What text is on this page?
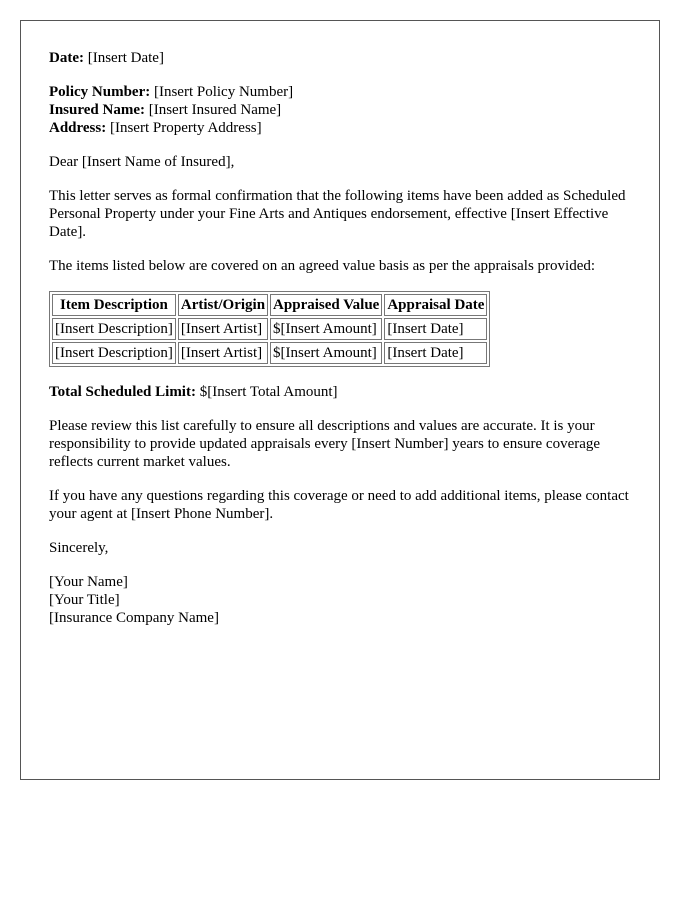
Date: [Insert Date]

Policy Number: [Insert Policy Number]

Insured Name: [Insert Insured Name]

Address: [Insert Property Address]

Dear [Insert Name of Insured],

This letter serves as formal confirmation that the following items have been added as Scheduled Personal Property under your Fine Arts and Antiques endorsement, effective [Insert Effective Date].

The items listed below are covered on an agreed value basis as per the appraisals provided:

Item Description	Artist/Origin	Appraised Value	Appraisal Date
[Insert Description]	[Insert Artist]	$[Insert Amount]	[Insert Date]
[Insert Description]	[Insert Artist]	$[Insert Amount]	[Insert Date]

Total Scheduled Limit: $[Insert Total Amount]

Please review this list carefully to ensure all descriptions and values are accurate. It is your responsibility to provide updated appraisals every [Insert Number] years to ensure coverage reflects current market values.

If you have any questions regarding this coverage or need to add additional items, please contact your agent at [Insert Phone Number].

Sincerely,

[Your Name]

[Your Title]

[Insurance Company Name]
